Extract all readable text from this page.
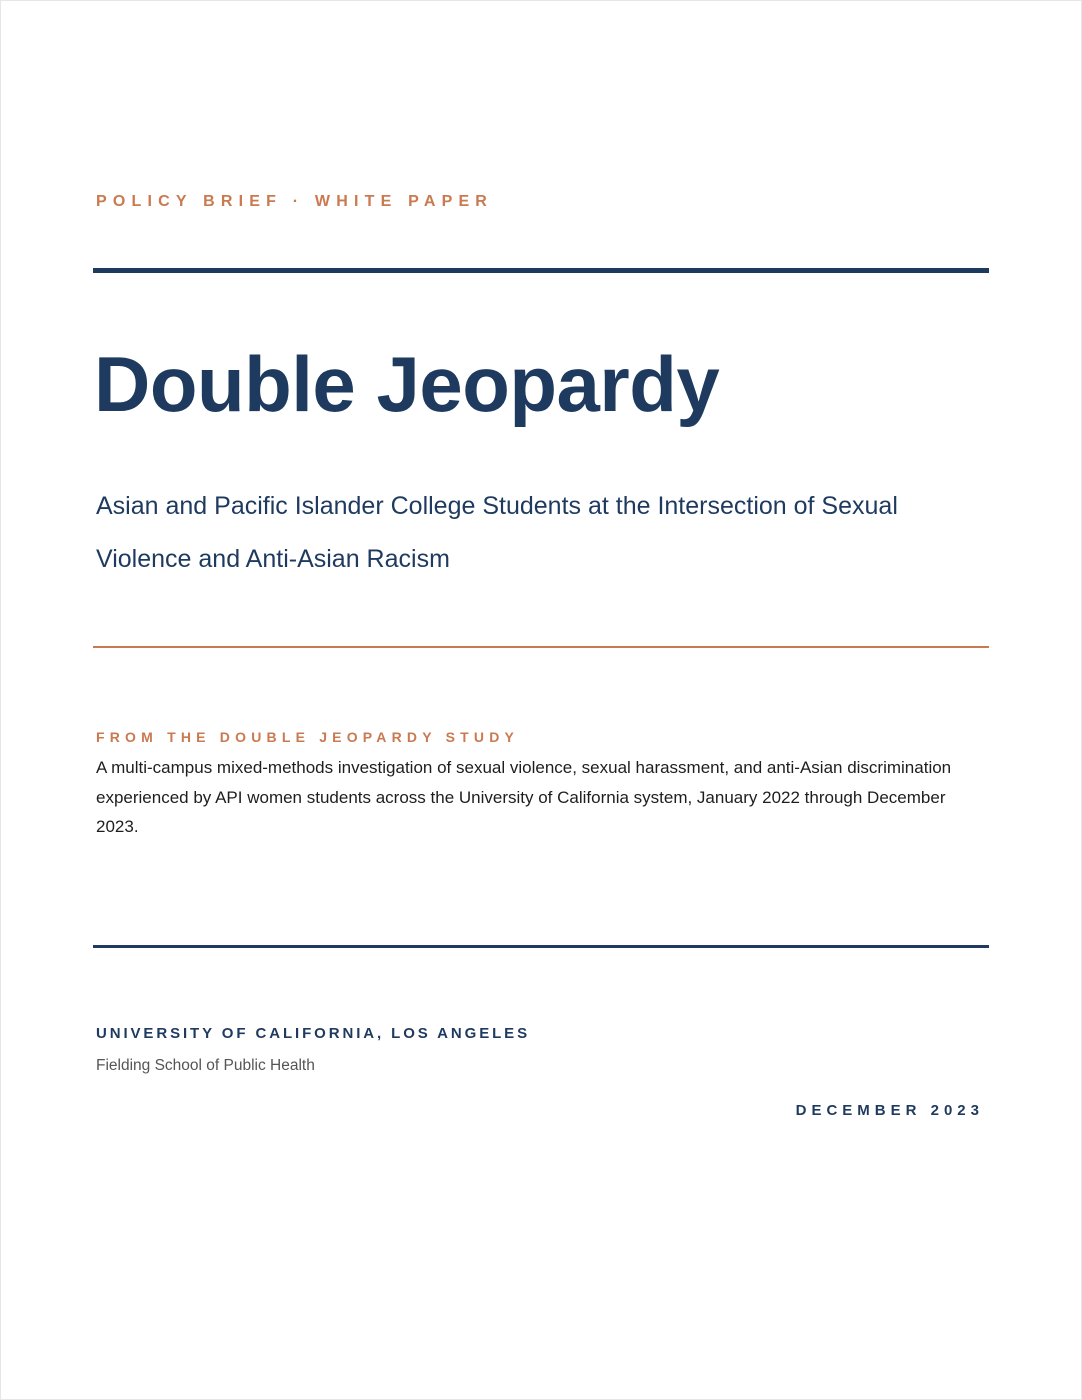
POLICY BRIEF · WHITE PAPER
Double Jeopardy
Asian and Pacific Islander College Students at the Intersection of Sexual Violence and Anti-Asian Racism
FROM THE DOUBLE JEOPARDY STUDY

A multi-campus mixed-methods investigation of sexual violence, sexual harassment, and anti-Asian discrimination experienced by API women students across the University of California system, January 2022 through December 2023.

UNIVERSITY OF CALIFORNIA, LOS ANGELES
Fielding School of Public Health
DECEMBER 2023
